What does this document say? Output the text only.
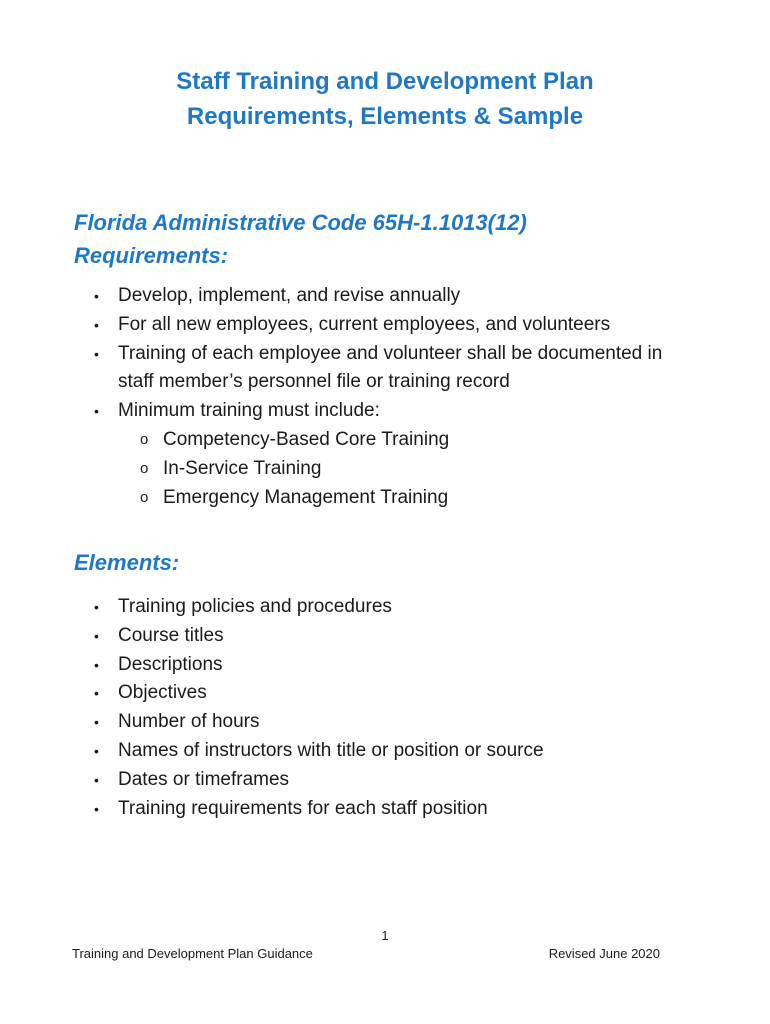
Staff Training and Development Plan
Requirements, Elements & Sample
Florida Administrative Code 65H-1.1013(12)
Requirements:
• Develop, implement, and revise annually
• For all new employees, current employees, and volunteers
• Training of each employee and volunteer shall be documented in
staff member’s personnel file or training record
• Minimum training must include:
o Competency-Based Core Training
o In-Service Training
o Emergency Management Training
Elements:
• Training policies and procedures
• Course titles
• Descriptions
• Objectives
• Number of hours
• Names of instructors with title or position or source
• Dates or timeframes
• Training requirements for each staff position
1
Training and Development Plan Guidance	Revised June 2020
